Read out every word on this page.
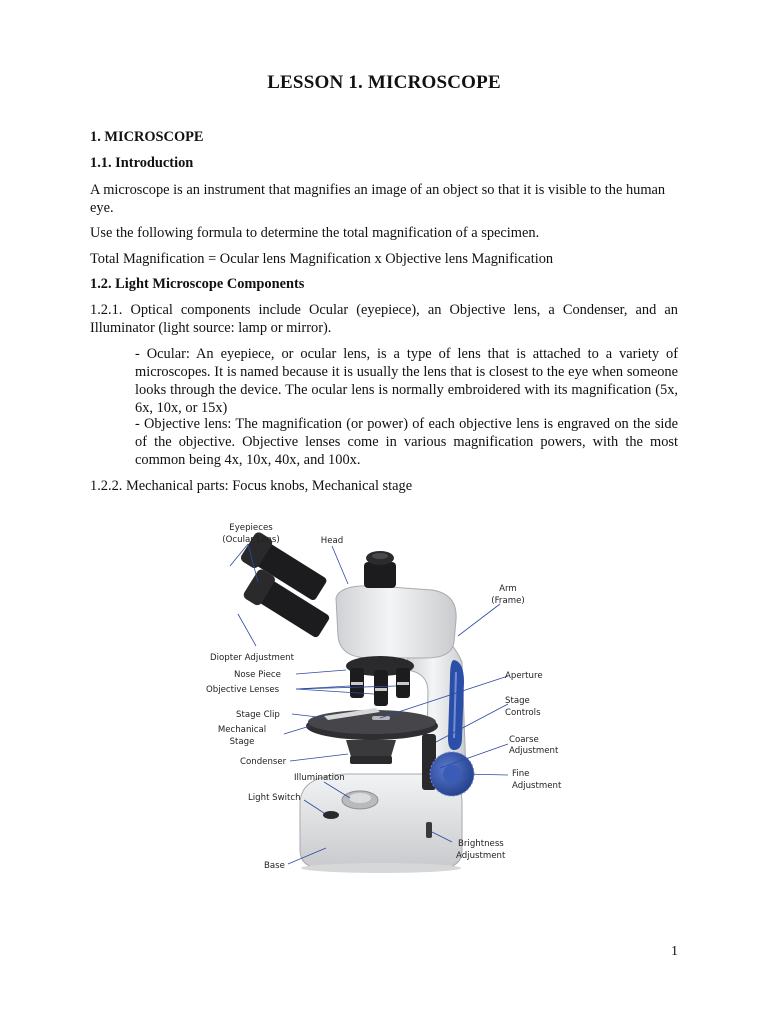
LESSON 1. MICROSCOPE
1. MICROSCOPE
1.1. Introduction
A microscope is an instrument that magnifies an image of an object so that it is visible to the human eye.
Use the following formula to determine the total magnification of a specimen.
Total Magnification = Ocular lens Magnification x Objective lens Magnification
1.2. Light Microscope Components
1.2.1. Optical components include Ocular (eyepiece), an Objective lens, a Condenser, and an Illuminator (light source: lamp or mirror).
- Ocular: An eyepiece, or ocular lens, is a type of lens that is attached to a variety of microscopes. It is named because it is usually the lens that is closest to the eye when someone looks through the device. The ocular lens is normally embroidered with its magnification (5x, 6x, 10x, or 15x)
- Objective lens: The magnification (or power) of each objective lens is engraved on the side of the objective. Objective lenses come in various magnification powers, with the most common being 4x, 10x, 40x, and 100x.
1.2.2. Mechanical parts: Focus knobs, Mechanical stage
Eyepieces
(Ocular Lens)	Head
Arm
(Frame)
Diopter Adjustment
Nose Piece
Objective Lenses
Aperture
Stage
Controls
Stage Clip
Mechanical
Stage	Coarse
Adjustment
Condenser
Fine
Adjustment
Illumination
Light Switch
Brightness
Adjustment
Base
1
